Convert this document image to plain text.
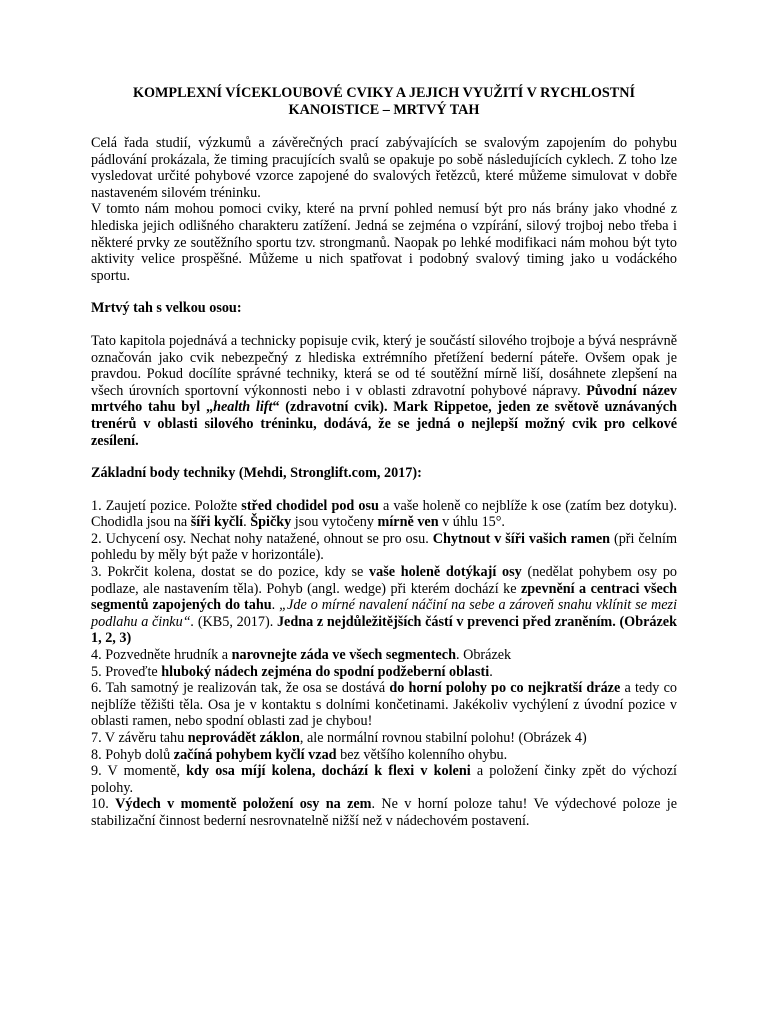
KOMPLEXNÍ VÍCEKLOUBOVÉ CVIKY A JEJICH VYUŽITÍ V RYCHLOSTNÍ
KANOISTICE – MRTVÝ TAH

Celá řada studií, výzkumů a závěrečných prací zabývajících se svalovým zapojením do pohybu pádlování prokázala, že timing pracujících svalů se opakuje po sobě následujících cyklech. Z toho lze vysledovat určité pohybové vzorce zapojené do svalových řetězců, které můžeme simulovat v dobře nastaveném silovém tréninku.

V tomto nám mohou pomoci cviky, které na první pohled nemusí být pro nás brány jako vhodné z hlediska jejich odlišného charakteru zatížení. Jedná se zejména o vzpírání, silový trojboj nebo třeba i některé prvky ze soutěžního sportu tzv. strongmanů. Naopak po lehké modifikaci nám mohou být tyto aktivity velice prospěšné. Můžeme u nich spatřovat i podobný svalový timing jako u vodáckého sportu.

Mrtvý tah s velkou osou:

Tato kapitola pojednává a technicky popisuje cvik, který je součástí silového trojboje a bývá nesprávně označován jako cvik nebezpečný z hlediska extrémního přetížení bederní páteře. Ovšem opak je pravdou. Pokud docílíte správné techniky, která se od té soutěžní mírně liší, dosáhnete zlepšení na všech úrovních sportovní výkonnosti nebo i v oblasti zdravotní pohybové nápravy. Původní název mrtvého tahu byl „health lift“ (zdravotní cvik). Mark Rippetoe, jeden ze světově uznávaných trenérů v oblasti silového tréninku, dodává, že se jedná o nejlepší možný cvik pro celkové zesílení.

Základní body techniky (Mehdi, Stronglift.com, 2017):

1. Zaujetí pozice. Položte střed chodidel pod osu a vaše holeně co nejblíže k ose (zatím bez dotyku). Chodidla jsou na šíři kyčlí. Špičky jsou vytočeny mírně ven v úhlu 15°.

2. Uchycení osy. Nechat nohy natažené, ohnout se pro osu. Chytnout v šíři vašich ramen (při čelním pohledu by měly být paže v horizontále).

3. Pokrčit kolena, dostat se do pozice, kdy se vaše holeně dotýkají osy (nedělat pohybem osy po podlaze, ale nastavením těla). Pohyb (angl. wedge) při kterém dochází ke zpevnění a centraci všech segmentů zapojených do tahu. „Jde o mírné navalení náčiní na sebe a zároveň snahu vklínit se mezi podlahu a činku“. (KB5, 2017). Jedna z nejdůležitějších částí v prevenci před zraněním. (Obrázek 1, 2, 3)

4. Pozvedněte hrudník a narovnejte záda ve všech segmentech. Obrázek

5. Proveďte hluboký nádech zejména do spodní podžeberní oblasti.

6. Tah samotný je realizován tak, že osa se dostává do horní polohy po co nejkratší dráze a tedy co nejblíže těžišti těla. Osa je v kontaktu s dolními končetinami. Jakékoliv vychýlení z úvodní pozice v oblasti ramen, nebo spodní oblasti zad je chybou!

7. V závěru tahu neprovádět záklon, ale normální rovnou stabilní polohu! (Obrázek 4)

8. Pohyb dolů začíná pohybem kyčlí vzad bez většího kolenního ohybu.

9. V momentě, kdy osa míjí kolena, dochází k flexi v koleni a položení činky zpět do výchozí polohy.

10. Výdech v momentě položení osy na zem. Ne v horní poloze tahu! Ve výdechové poloze je stabilizační činnost bederní nesrovnatelně nižší než v nádechovém postavení.
